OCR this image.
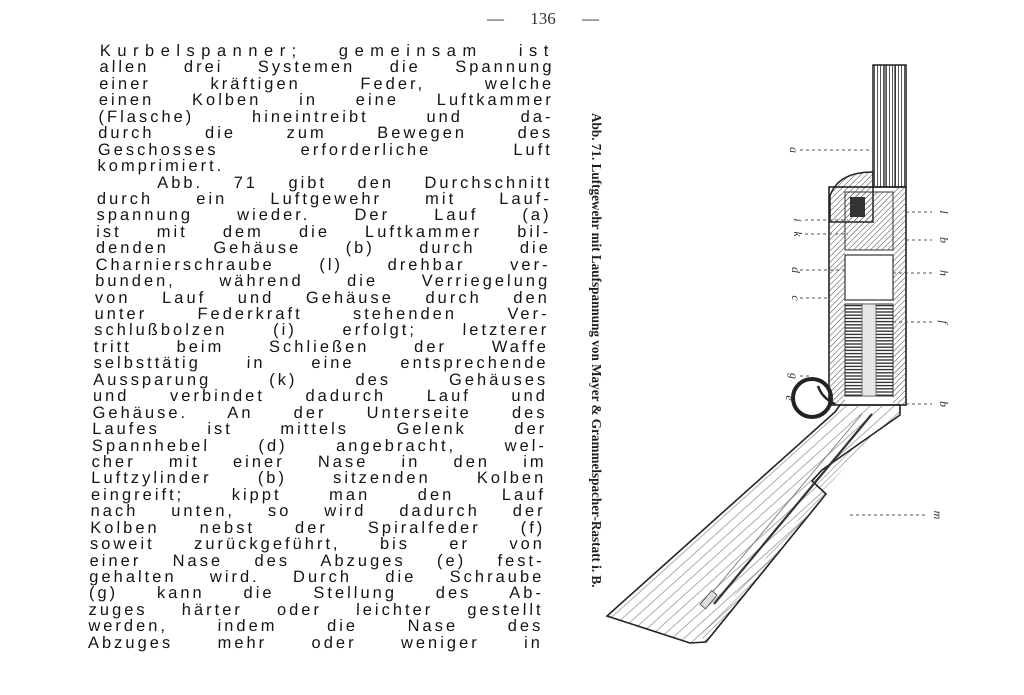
— 136 —
Kurbelspanner; gemeinsam ist
allen drei Systemen die Spannung
einer kräftigen Feder, welche
einen Kolben in eine Luftkammer
(Flasche) hineintreibt und da-
durch die zum Bewegen des
Geschosses erforderliche Luft
komprimiert.
Abb. 71 gibt den Durchschnitt
durch ein Luftgewehr mit Lauf-
spannung wieder. Der Lauf (a)
ist mit dem die Luftkammer bil-
denden Gehäuse (b) durch die
Charnierschraube (l) drehbar ver-
bunden, während die Verriegelung
von Lauf und Gehäuse durch den
unter Federkraft stehenden Ver-
schlußbolzen (i) erfolgt; letzterer
tritt beim Schließen der Waffe
selbsttätig in eine entsprechende
Aussparung (k) des Gehäuses
und verbindet dadurch Lauf und
Gehäuse. An der Unterseite des
Laufes ist mittels Gelenk der
Spannhebel (d) angebracht, wel-
cher mit einer Nase in den im
Luftzylinder (b) sitzenden Kolben
eingreift; kippt man den Lauf
nach unten, so wird dadurch der
Kolben nebst der Spiralfeder (f)
soweit zurückgeführt, bis er von
einer Nase des Abzuges (e) fest-
gehalten wird. Durch die Schraube
(g) kann die Stellung des Ab-
zuges härter oder leichter gestellt
werden, indem die Nase des
Abzuges mehr oder weniger in
Abb. 71. Luftgewehr mit Laufspannung von Mayer & Grammelspacher-Rastatt i. B.	a
i
k
d
c
g
e
l
b
h
f
b
m
